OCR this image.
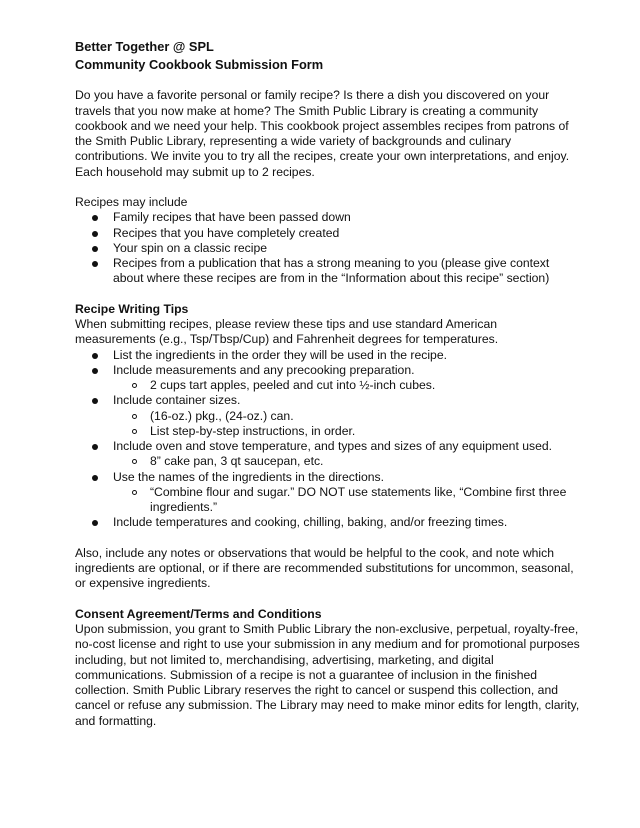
Better Together @ SPL
Community Cookbook Submission Form

Do you have a favorite personal or family recipe? Is there a dish you discovered on your travels that you now make at home? The Smith Public Library is creating a community cookbook and we need your help. This cookbook project assembles recipes from patrons of the Smith Public Library, representing a wide variety of backgrounds and culinary contributions. We invite you to try all the recipes, create your own interpretations, and enjoy. Each household may submit up to 2 recipes.

Recipes may include

Family recipes that have been passed down
Recipes that you have completely created
Your spin on a classic recipe
Recipes from a publication that has a strong meaning to you (please give context about where these recipes are from in the “Information about this recipe” section)

Recipe Writing Tips

When submitting recipes, please review these tips and use standard American measurements (e.g., Tsp/Tbsp/Cup) and Fahrenheit degrees for temperatures.

List the ingredients in the order they will be used in the recipe.
Include measurements and any precooking preparation.
2 cups tart apples, peeled and cut into ½-inch cubes.
Include container sizes.
(16-oz.) pkg., (24-oz.) can.
List step-by-step instructions, in order.
Include oven and stove temperature, and types and sizes of any equipment used.
8” cake pan, 3 qt saucepan, etc.
Use the names of the ingredients in the directions.
“Combine flour and sugar.” DO NOT use statements like, “Combine first three ingredients.”
Include temperatures and cooking, chilling, baking, and/or freezing times.

Also, include any notes or observations that would be helpful to the cook, and note which ingredients are optional, or if there are recommended substitutions for uncommon, seasonal, or expensive ingredients.

Consent Agreement/Terms and Conditions

Upon submission, you grant to Smith Public Library the non-exclusive, perpetual, royalty-free, no-cost license and right to use your submission in any medium and for promotional purposes including, but not limited to, merchandising, advertising, marketing, and digital communications. Submission of a recipe is not a guarantee of inclusion in the finished collection. Smith Public Library reserves the right to cancel or suspend this collection, and cancel or refuse any submission. The Library may need to make minor edits for length, clarity, and formatting.
